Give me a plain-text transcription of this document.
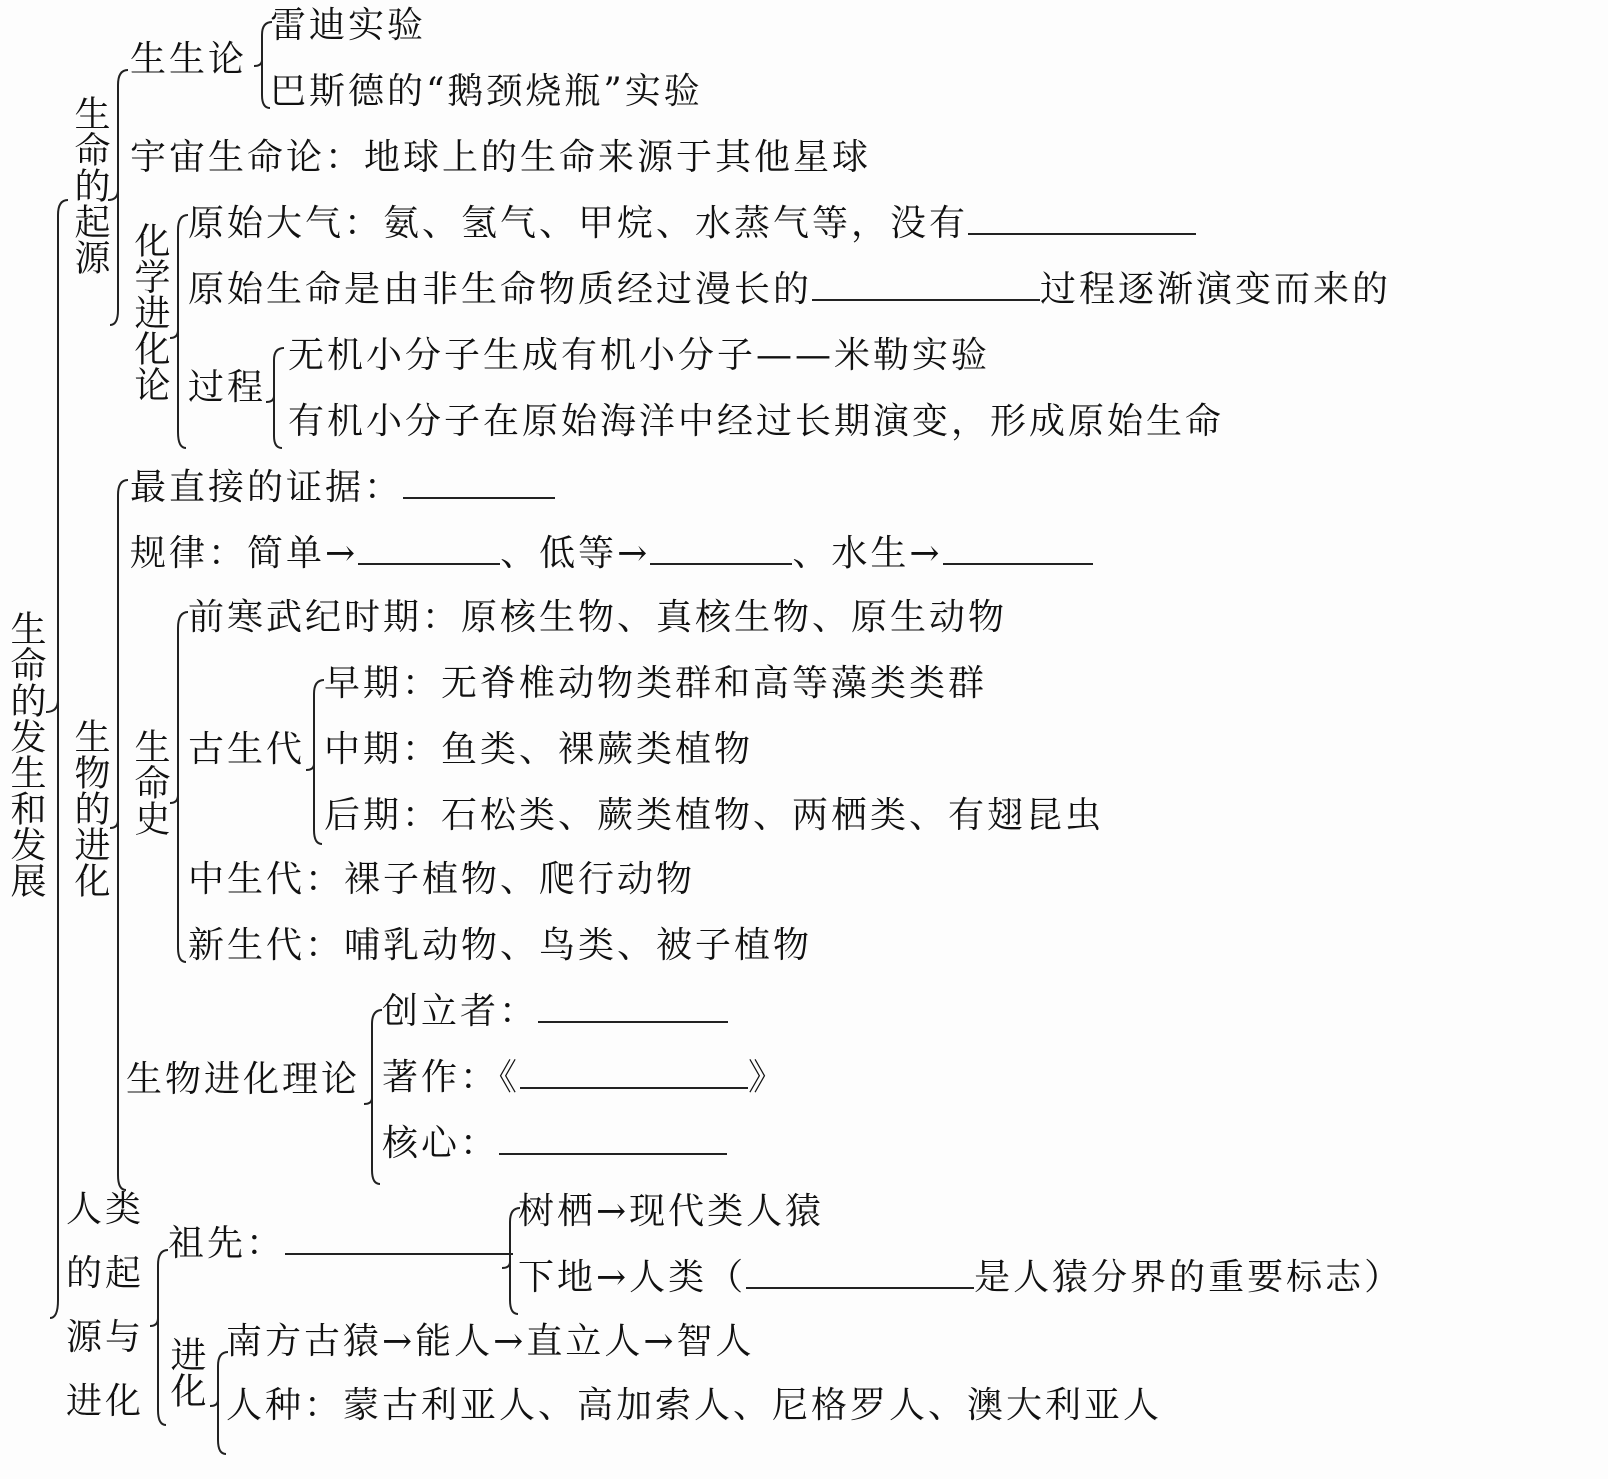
生命的发生和发展
生命的起源
生生论
雷迪实验
巴斯德的“鹅颈烧瓶”实验
宇宙生命论：地球上的生命来源于其他星球
化学进化论 原始大气：氨、氢气、甲烷、水蒸气等，没有
原始生命是由非生命物质经过漫长的	过程逐渐演变而来的
过程
无机小分子生成有机小分子——米勒实验
有机小分子在原始海洋中经过长期演变，形成原始生命
生物的进化
最直接的证据：
规律：简单→	、低等→	、水生→
生命史
前寒武纪时期：原核生物、真核生物、原生动物
古生代
早期：无脊椎动物类群和高等藻类类群
中期：鱼类、裸蕨类植物
后期：石松类、蕨类植物、两栖类、有翅昆虫
中生代：裸子植物、爬行动物
新生代：哺乳动物、鸟类、被子植物
生物进化理论
创立者：
著作：《	》
核心：
人类
的起
源与
进化
祖先：
树栖→现代类人猿
下地→人类（	是人猿分界的重要标志）
进化 南方古猿→能人→直立人→智人
人种：蒙古利亚人、高加索人、尼格罗人、澳大利亚人
